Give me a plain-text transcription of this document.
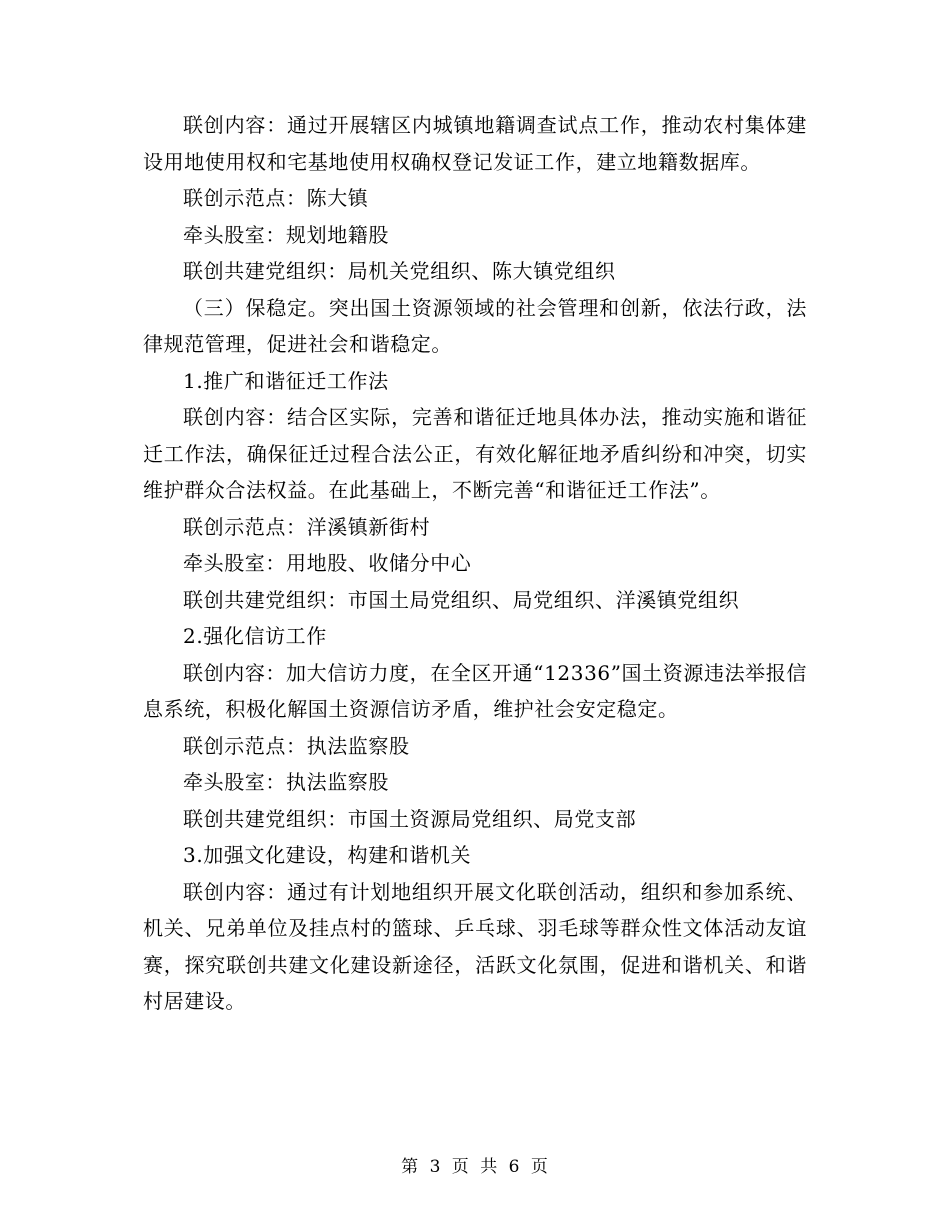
联创内容：通过开展辖区内城镇地籍调查试点工作，推动农村集体建设用地使用权和宅基地使用权确权登记发证工作，建立地籍数据库。

联创示范点：陈大镇

牵头股室：规划地籍股

联创共建党组织：局机关党组织、陈大镇党组织

（三）保稳定。突出国土资源领域的社会管理和创新，依法行政，法律规范管理，促进社会和谐稳定。

1.推广和谐征迁工作法

联创内容：结合区实际，完善和谐征迁地具体办法，推动实施和谐征迁工作法，确保征迁过程合法公正，有效化解征地矛盾纠纷和冲突，切实维护群众合法权益。在此基础上，不断完善“和谐征迁工作法”。

联创示范点：洋溪镇新街村

牵头股室：用地股、收储分中心

联创共建党组织：市国土局党组织、局党组织、洋溪镇党组织

2.强化信访工作

联创内容：加大信访力度，在全区开通“12336”国土资源违法举报信息系统，积极化解国土资源信访矛盾，维护社会安定稳定。

联创示范点：执法监察股

牵头股室：执法监察股

联创共建党组织：市国土资源局党组织、局党支部

3.加强文化建设，构建和谐机关

联创内容：通过有计划地组织开展文化联创活动，组织和参加系统、机关、兄弟单位及挂点村的篮球、乒乓球、羽毛球等群众性文体活动友谊赛，探究联创共建文化建设新途径，活跃文化氛围，促进和谐机关、和谐村居建设。

第 3 页 共 6 页
